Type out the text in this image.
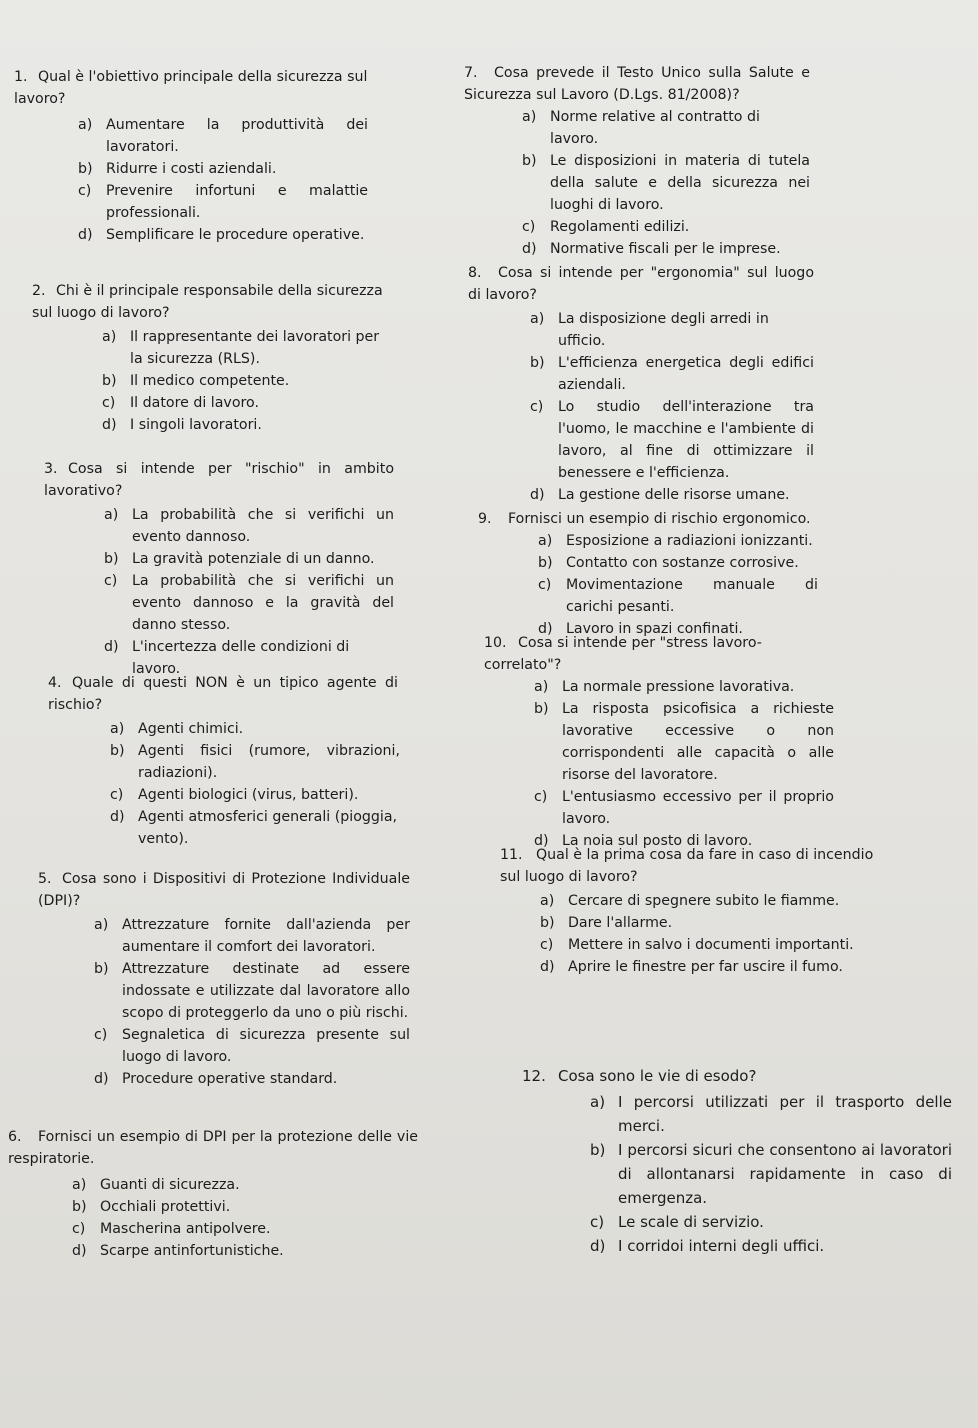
1. Qual è l'obiettivo principale della sicurezza sul lavoro?
a) Aumentare la produttività dei lavoratori.
b) Ridurre i costi aziendali.
c) Prevenire infortuni e malattie professionali.
d) Semplificare le procedure operative.
2. Chi è il principale responsabile della sicurezza sul luogo di lavoro?
a) Il rappresentante dei lavoratori per la sicurezza (RLS).
b) Il medico competente.
c) Il datore di lavoro.
d) I singoli lavoratori.
3. Cosa si intende per "rischio" in ambito lavorativo?
a) La probabilità che si verifichi un evento dannoso.
b) La gravità potenziale di un danno.
c) La probabilità che si verifichi un evento dannoso e la gravità del danno stesso.
d) L'incertezza delle condizioni di lavoro.
4. Quale di questi NON è un tipico agente di rischio?
a) Agenti chimici.
b) Agenti fisici (rumore, vibrazioni, radiazioni).
c) Agenti biologici (virus, batteri).
d) Agenti atmosferici generali (pioggia, vento).
5. Cosa sono i Dispositivi di Protezione Individuale (DPI)?
a) Attrezzature fornite dall'azienda per aumentare il comfort dei lavoratori.
b) Attrezzature destinate ad essere indossate e utilizzate dal lavoratore allo scopo di proteggerlo da uno o più rischi.
c) Segnaletica di sicurezza presente sul luogo di lavoro.
d) Procedure operative standard.
6. Fornisci un esempio di DPI per la protezione delle vie respiratorie.
a) Guanti di sicurezza.
b) Occhiali protettivi.
c) Mascherina antipolvere.
d) Scarpe antinfortunistiche.
7. Cosa prevede il Testo Unico sulla Salute e Sicurezza sul Lavoro (D.Lgs. 81/2008)?
a) Norme relative al contratto di lavoro.
b) Le disposizioni in materia di tutela della salute e della sicurezza nei luoghi di lavoro.
c) Regolamenti edilizi.
d) Normative fiscali per le imprese.
8. Cosa si intende per "ergonomia" sul luogo di lavoro?
a) La disposizione degli arredi in ufficio.
b) L'efficienza energetica degli edifici aziendali.
c) Lo studio dell'interazione tra l'uomo, le macchine e l'ambiente di lavoro, al fine di ottimizzare il benessere e l'efficienza.
d) La gestione delle risorse umane.
9. Fornisci un esempio di rischio ergonomico.
a) Esposizione a radiazioni ionizzanti.
b) Contatto con sostanze corrosive.
c) Movimentazione manuale di carichi pesanti.
d) Lavoro in spazi confinati.
10. Cosa si intende per "stress lavoro-correlato"?
a) La normale pressione lavorativa.
b) La risposta psicofisica a richieste lavorative eccessive o non corrispondenti alle capacità o alle risorse del lavoratore.
c) L'entusiasmo eccessivo per il proprio lavoro.
d) La noia sul posto di lavoro.
11. Qual è la prima cosa da fare in caso di incendio sul luogo di lavoro?
a) Cercare di spegnere subito le fiamme.
b) Dare l'allarme.
c) Mettere in salvo i documenti importanti.
d) Aprire le finestre per far uscire il fumo.
12. Cosa sono le vie di esodo?
a) I percorsi utilizzati per il trasporto delle merci.
b) I percorsi sicuri che consentono ai lavoratori di allontanarsi rapidamente in caso di emergenza.
c) Le scale di servizio.
d) I corridoi interni degli uffici.
